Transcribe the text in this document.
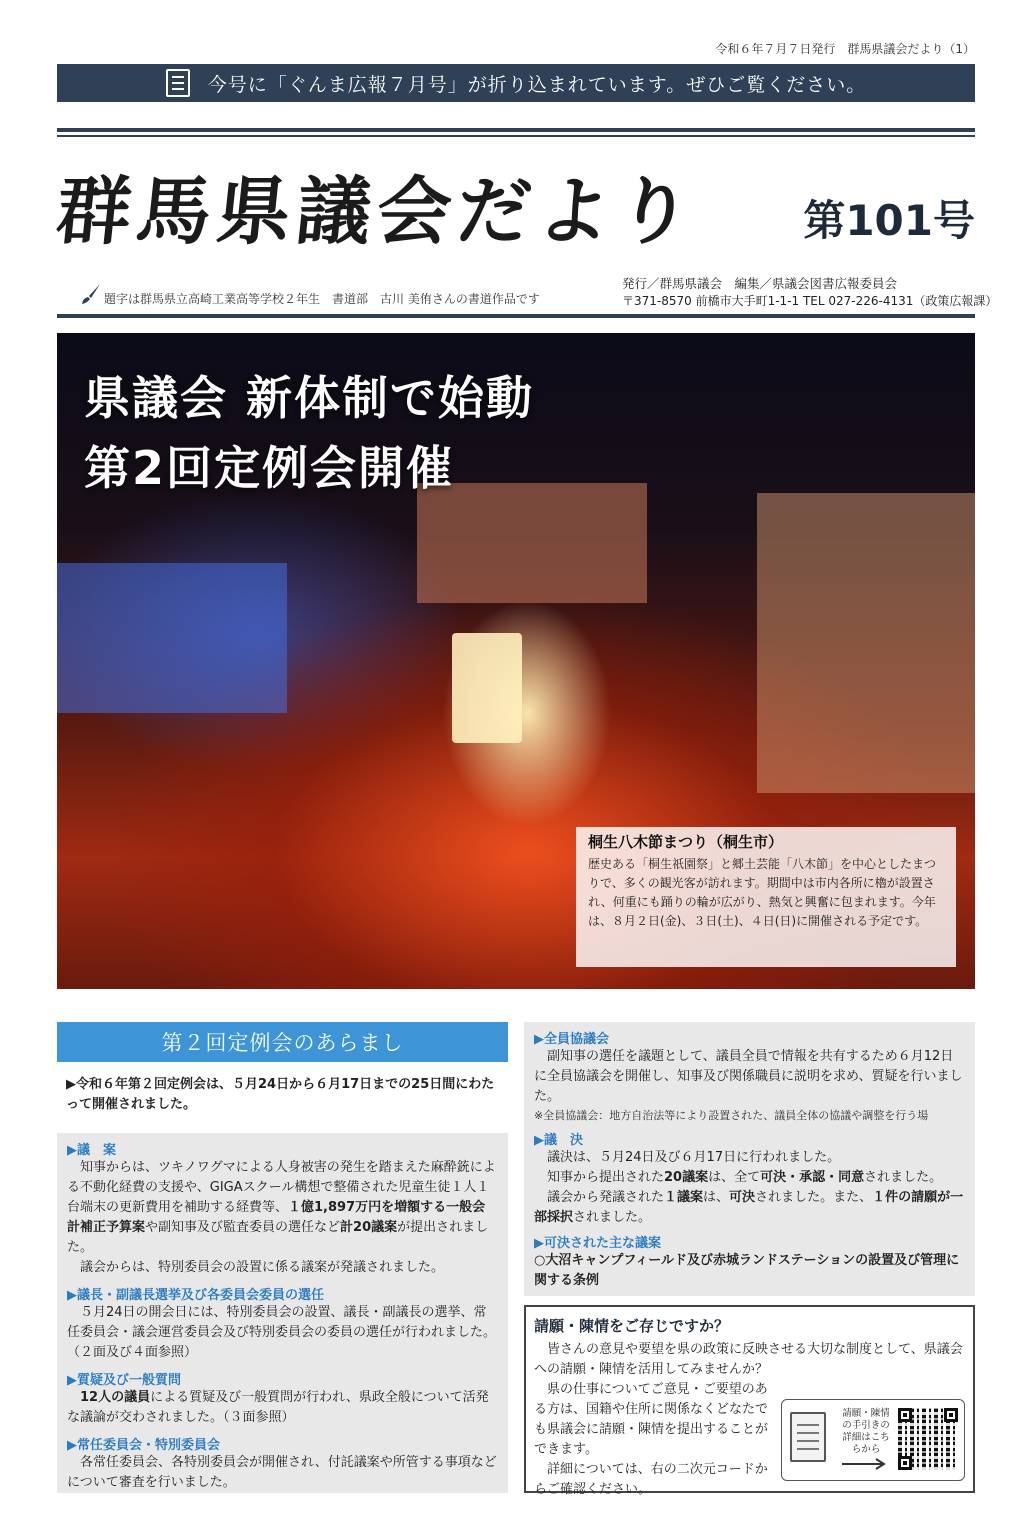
令和６年７月７日発行　群馬県議会だより（1）
今号に「ぐんま広報７月号」が折り込まれています。ぜひご覧ください。
群馬県議会だより	第101号
題字は群馬県立高崎工業高等学校２年生　書道部　古川 美侑さんの書道作品です
発行／群馬県議会　編集／県議会図書広報委員会
〒371-8570 前橋市大手町1-1-1 TEL 027-226-4131（政策広報課）
県議会 新体制で始動
第2回定例会開催
桐生八木節まつり（桐生市）
歴史ある「桐生祇園祭」と郷土芸能「八木節」を中心としたまつりで、多くの観光客が訪れます。期間中は市内各所に櫓が設置され、何重にも踊りの輪が広がり、熱気と興奮に包まれます。今年は、８月２日(金)、３日(土)、４日(日)に開催される予定です。
第２回定例会のあらまし
▶令和６年第２回定例会は、５月24日から６月17日までの25日間にわたって開催されました。
▶議　案
知事からは、ツキノワグマによる人身被害の発生を踏まえた麻酔銃による不動化経費の支援や、GIGAスクール構想で整備された児童生徒１人１台端末の更新費用を補助する経費等、１億1,897万円を増額する一般会計補正予算案や副知事及び監査委員の選任など計20議案が提出されました。
議会からは、特別委員会の設置に係る議案が発議されました。
▶議長・副議長選挙及び各委員会委員の選任
５月24日の開会日には、特別委員会の設置、議長・副議長の選挙、常任委員会・議会運営委員会及び特別委員会の委員の選任が行われました。（２面及び４面参照）
▶質疑及び一般質問
12人の議員による質疑及び一般質問が行われ、県政全般について活発な議論が交わされました。（３面参照）
▶常任委員会・特別委員会
各常任委員会、各特別委員会が開催され、付託議案や所管する事項などについて審査を行いました。
▶全員協議会
副知事の選任を議題として、議員全員で情報を共有するため６月12日に全員協議会を開催し、知事及び関係職員に説明を求め、質疑を行いました。
※全員協議会：地方自治法等により設置された、議員全体の協議や調整を行う場
▶議　決
議決は、５月24日及び６月17日に行われました。
知事から提出された20議案は、全て可決・承認・同意されました。
議会から発議された１議案は、可決されました。また、１件の請願が一部採択されました。
▶可決された主な議案
○大沼キャンプフィールド及び赤城ランドステーションの設置及び管理に関する条例
請願・陳情をご存じですか？
皆さんの意見や要望を県の政策に反映させる大切な制度として、県議会への請願・陳情を活用してみませんか？
県の仕事についてご意見・ご要望のある方は、国籍や住所に関係なくどなたでも県議会に請願・陳情を提出することができます。
詳細については、右の二次元コードからご確認ください。
請願・陳情の手引きの詳細はこちらから
